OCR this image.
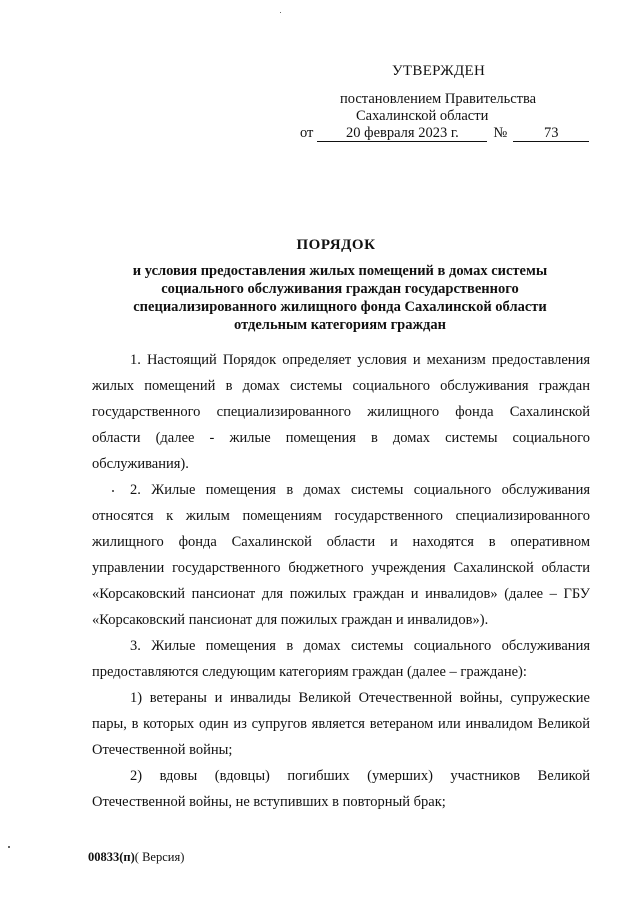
УТВЕРЖДЕН
постановлением Правительства
Сахалинской области
от	20 февраля 2023 г.	№	73
ПОРЯДОК
и условия предоставления жилых помещений в домах системы
социального обслуживания граждан государственного
специализированного жилищного фонда Сахалинской области
отдельным категориям граждан
1. Настоящий Порядок определяет условия и механизм предоставления
жилых помещений в домах системы социального обслуживания граждан
государственного специализированного жилищного фонда Сахалинской
области (далее - жилые помещения в домах системы социального
обслуживания).
2. Жилые помещения в домах системы социального обслуживания
относятся к жилым помещениям государственного специализированного
жилищного фонда Сахалинской области и находятся в оперативном
управлении государственного бюджетного учреждения Сахалинской области
«Корсаковский пансионат для пожилых граждан и инвалидов» (далее – ГБУ
«Корсаковский пансионат для пожилых граждан и инвалидов»).
3. Жилые помещения в домах системы социального обслуживания
предоставляются следующим категориям граждан (далее – граждане):
1) ветераны и инвалиды Великой Отечественной войны, супружеские
пары, в которых один из супругов является ветераном или инвалидом Великой
Отечественной войны;
2) вдовы (вдовцы) погибших (умерших) участников Великой
Отечественной войны, не вступивших в повторный брак;
00833(п)( Версия)
